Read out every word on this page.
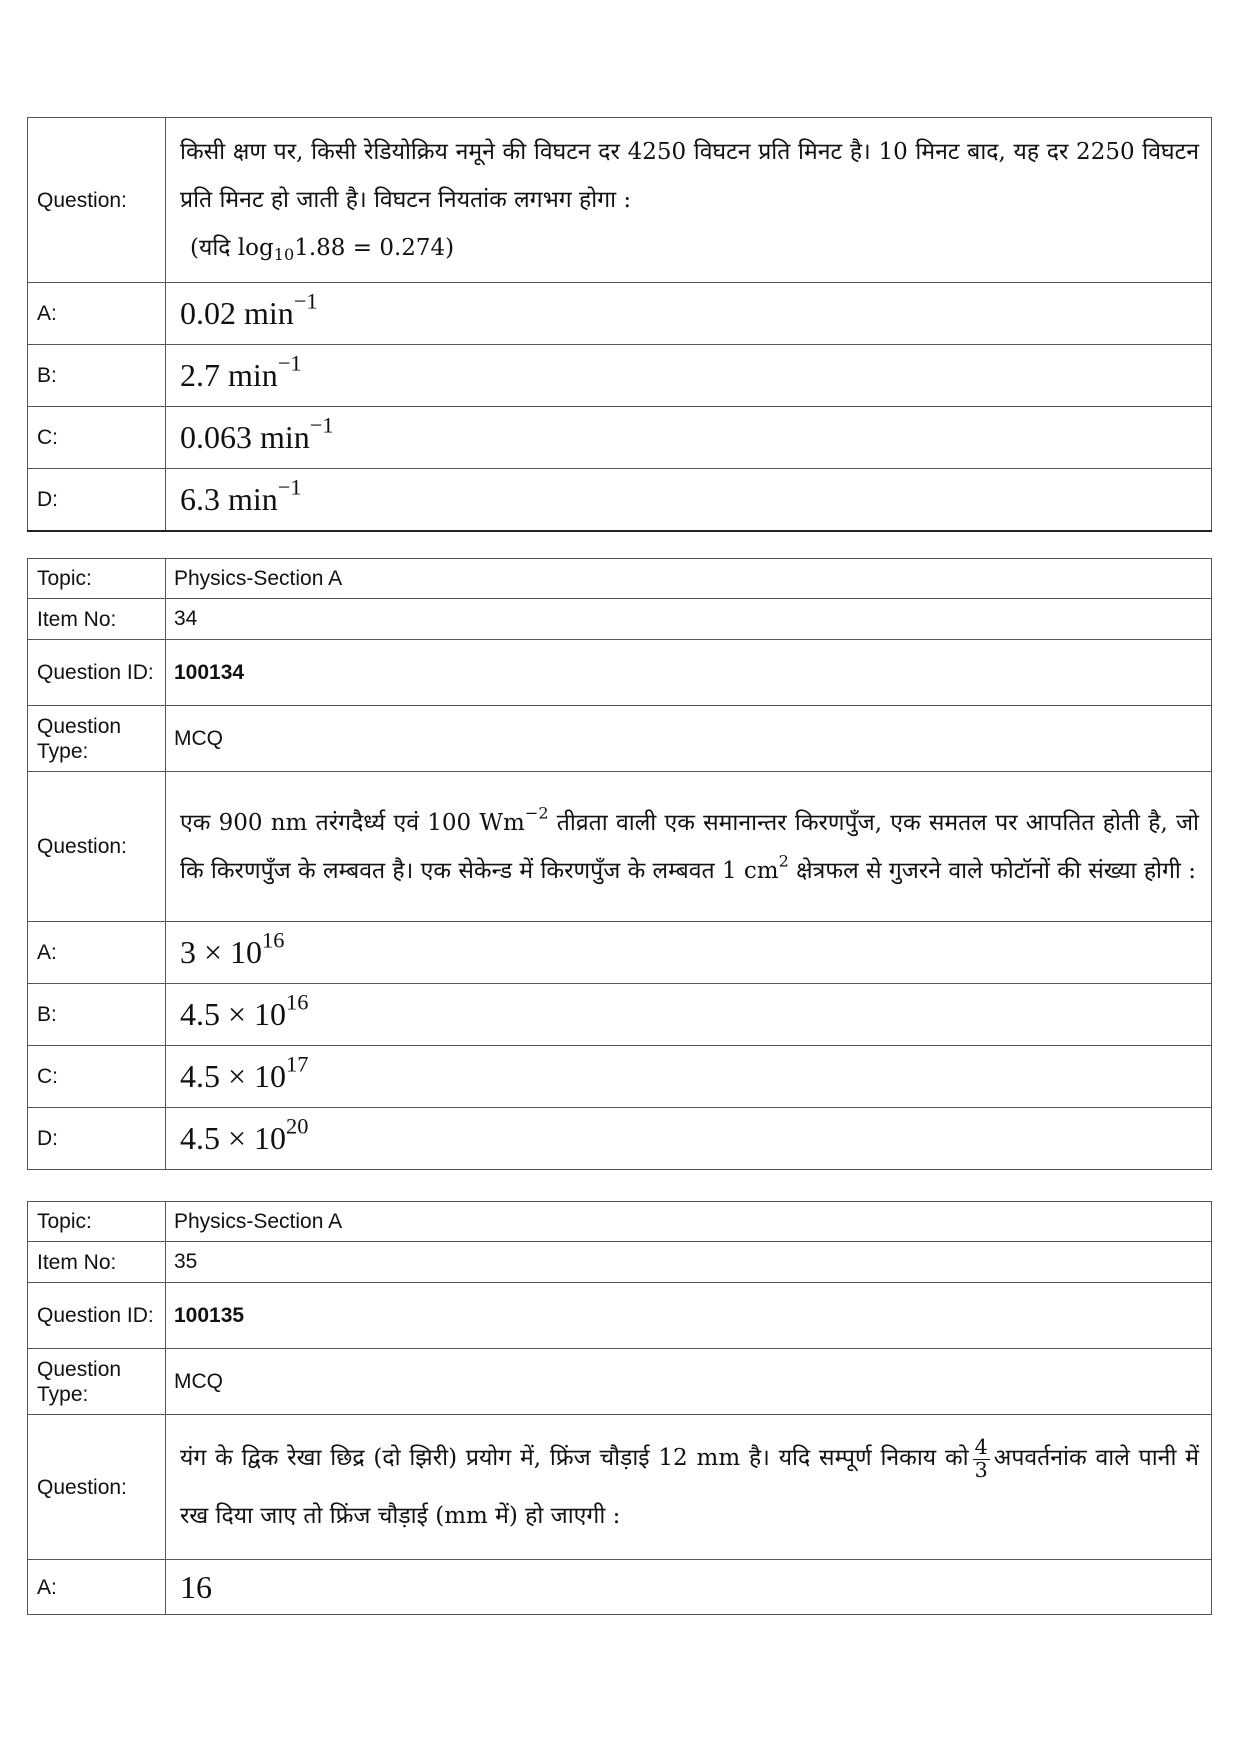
Question:	किसी क्षण पर, किसी रेडियोक्रिय नमूने की विघटन दर 4250 विघटन प्रति मिनट है। 10 मिनट बाद, यह दर 2250 विघटन प्रति मिनट हो जाती है। विघटन नियतांक लगभग होगा :
(यदि $\log_{10}1.88 = 0.274$)

A:	0.02 $\min^{-1}$
B:	2.7 $\min^{-1}$
C:	0.063 $\min^{-1}$
D:	6.3 $\min^{-1}$
Topic:	Physics-Section A
Item No:	34
Question ID:	100134
Question Type:	MCQ
Question:	एक 900 nm तरंगदैर्ध्य एवं 100 $Wm^{-2}$ तीव्रता वाली एक समानान्तर किरणपुँज, एक समतल पर आपतित होती है, जो कि किरणपुँज के लम्बवत है। एक सेकेन्ड में किरणपुँज के लम्बवत 1 $cm^2$ क्षेत्रफल से गुजरने वाले फोटॉनों की संख्या होगी :
A:	$3 \times 10^{16}$
B:	$4.5 \times 10^{16}$
C:	$4.5 \times 10^{17}$
D:	$4.5 \times 10^{20}$
Topic:	Physics-Section A
Item No:	35
Question ID:	100135
Question Type:	MCQ
Question:	यंग के द्विक रेखा छिद्र (दो झिरी) प्रयोग में, फ्रिंज चौड़ाई 12 mm है। यदि सम्पूर्ण निकाय को $\frac{4}{3}$ अपवर्तनांक वाले पानी में रख दिया जाए तो फ्रिंज चौड़ाई (mm में) हो जाएगी :
A:	16
